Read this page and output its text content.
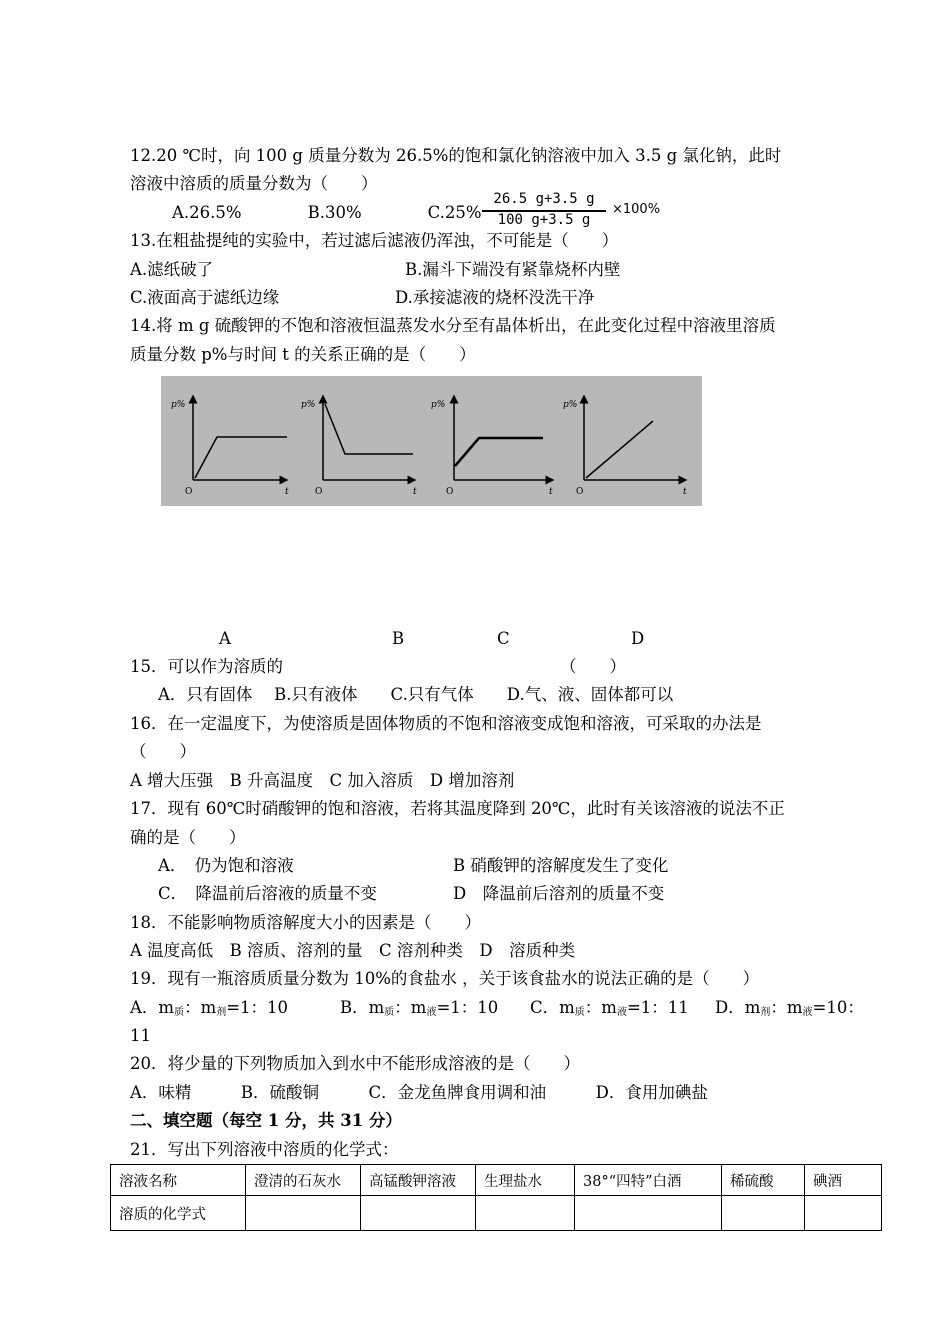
12.20 ℃时，向 100 g 质量分数为 26.5%的饱和氯化钠溶液中加入 3.5 g 氯化钠，此时
溶液中溶质的质量分数为（　　）
A.26.5%　　　　B.30%　　　　C.25%
26.5 g+3.5 g
100 g+3.5 g
×100%
13.在粗盐提纯的实验中，若过滤后滤液仍浑浊，不可能是（　　）
A.滤纸破了	B.漏斗下端没有紧靠烧杯内壁
C.液面高于滤纸边缘	D.承接滤液的烧杯没洗干净
14.将 m g 硫酸钾的不饱和溶液恒温蒸发水分至有晶体析出，在此变化过程中溶液里溶质
质量分数 p%与时间 t 的关系正确的是（　　）
p%
O	t
p%
O	t
p%
O	t
p%
O	t
A	B	C	D
15．可以作为溶质的	（　　）
A．只有固体　 B.只有液体　　C.只有气体　　D.气、液、固体都可以
16．在一定温度下，为使溶质是固体物质的不饱和溶液变成饱和溶液，可采取的办法是
（　　）
A 增大压强　B 升高温度　C 加入溶质　D 增加溶剂
17．现有 60℃时硝酸钾的饱和溶液，若将其温度降到 20℃，此时有关该溶液的说法不正
确的是（　　）
A．　仍为饱和溶液	B 硝酸钾的溶解度发生了变化
C．　降温前后溶液的质量不变	D　降温前后溶剂的质量不变
18．不能影响物质溶解度大小的因素是（　　）
A 温度高低　B 溶质、溶剂的量　C 溶剂种类　D　溶质种类
19．现有一瓶溶质质量分数为 10%的食盐水 ，关于该食盐水的说法正确的是（　　）
A．$m_质$：$m_剂=1$：10	B．$m_质$：$m_液=1$：10 C．$m_质$：$m_液=1$：11 D．$m_剂$：$m_液=10$：
11
20．将少量的下列物质加入到水中不能形成溶液的是（　　）
A．味精　　　B．硫酸铜　　　C．金龙鱼牌食用调和油　　　D．食用加碘盐
二、填空题（每空 1 分，共 31 分）
21．写出下列溶液中溶质的化学式：
溶液名称	澄清的石灰水	高锰酸钾溶液	生理盐水	38°“四特”白酒	稀硫酸	碘酒
溶质的化学式						
